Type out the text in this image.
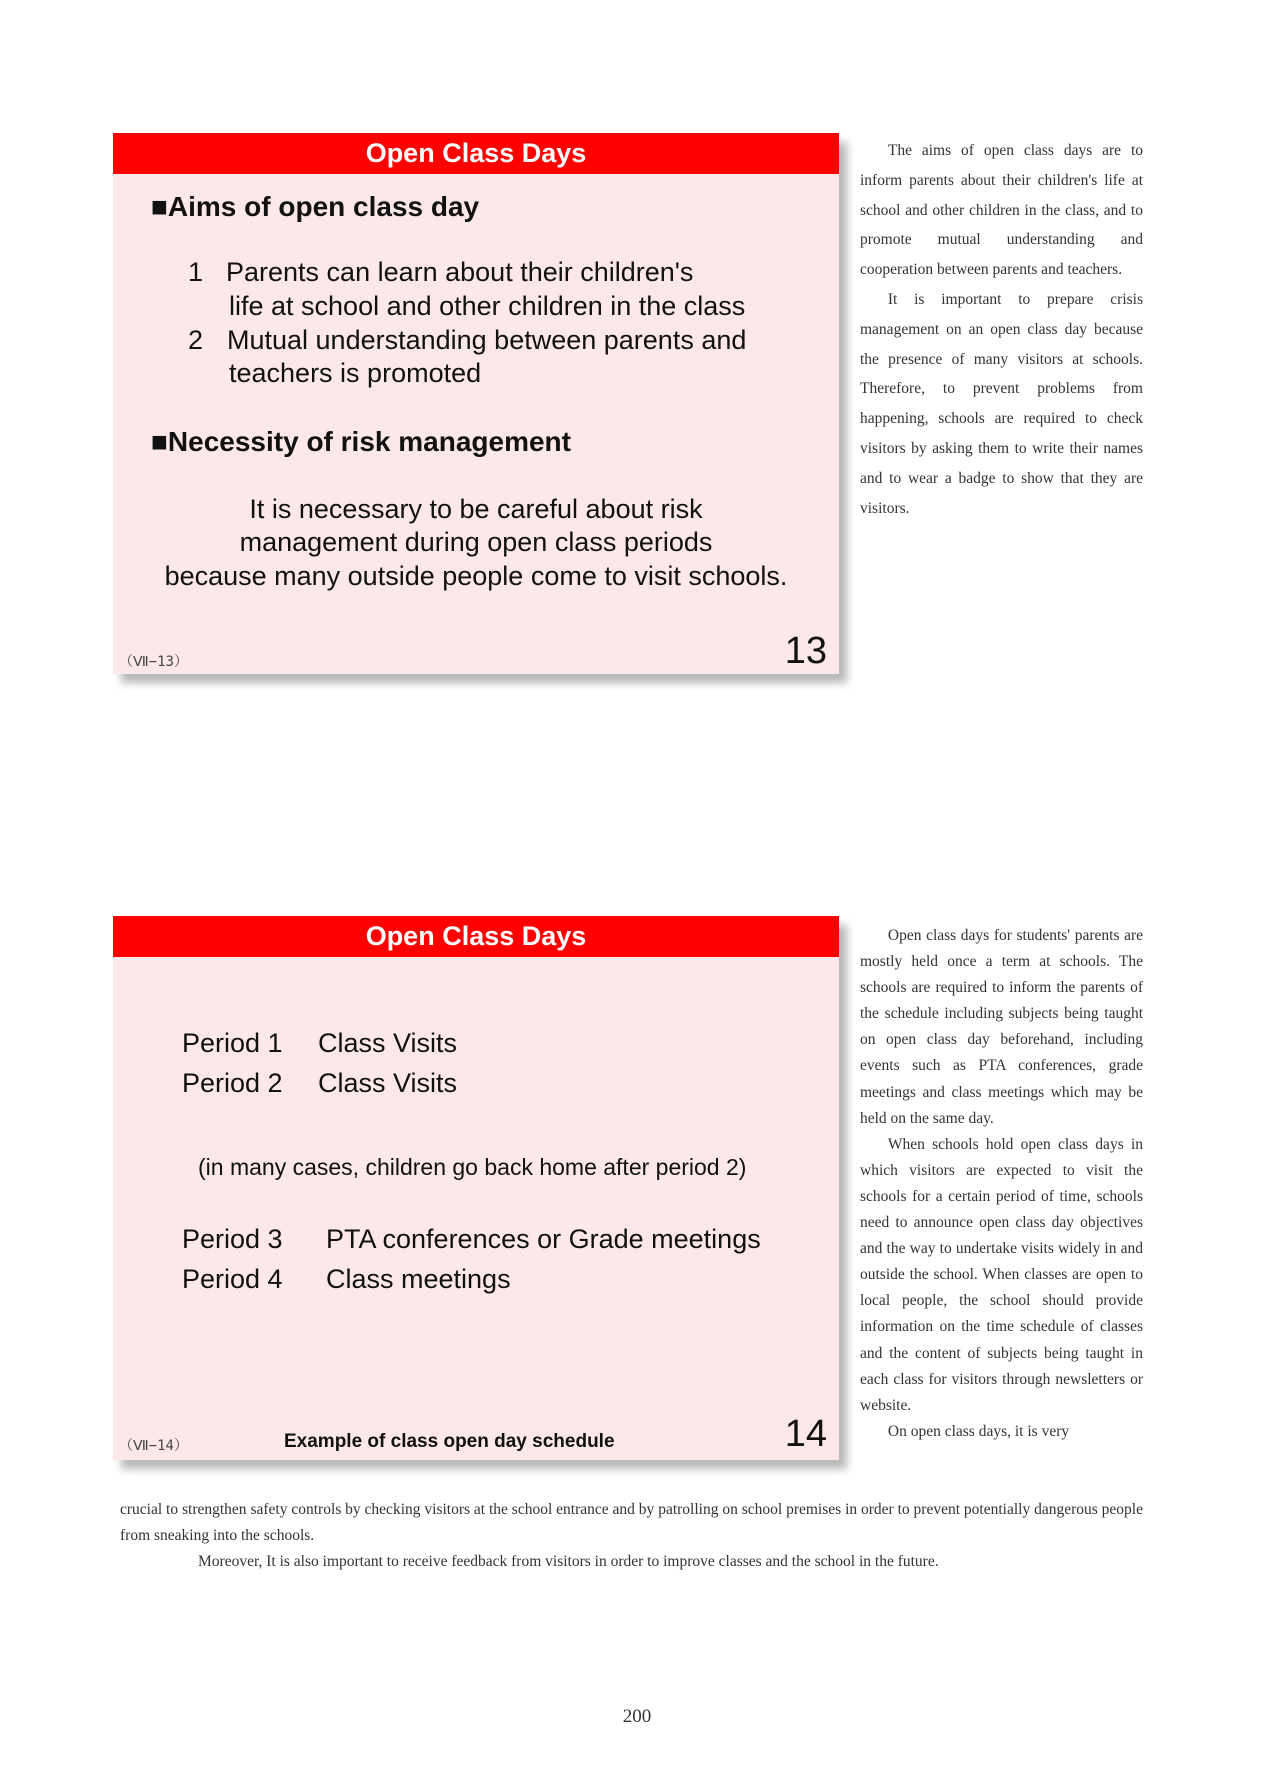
Open Class Days
■Aims of open class day
1 Parents can learn about their children's
life at school and other children in the class
2 Mutual understanding between parents and
teachers is promoted
■Necessity of risk management
It is necessary to be careful about risk
management during open class periods
because many outside people come to visit schools.
（Ⅶ−13）	13

The aims of open class days are to inform parents about their children's life at school and other children in the class, and to promote mutual understanding and cooperation between parents and teachers.

It is important to prepare crisis management on an open class day because the presence of many visitors at schools. Therefore, to prevent problems from happening, schools are required to check visitors by asking them to write their names and to wear a badge to show that they are visitors.

Open Class Days
Period 1 Class Visits
Period 2 Class Visits
(in many cases, children go back home after period 2)
Period 3 PTA conferences or Grade meetings
Period 4 Class meetings
（Ⅶ−14）	Example of class open day schedule	14

Open class days for students' parents are mostly held once a term at schools. The schools are required to inform the parents of the schedule including subjects being taught on open class day beforehand, including events such as PTA conferences, grade meetings and class meetings which may be held on the same day.

When schools hold open class days in which visitors are expected to visit the schools for a certain period of time, schools need to announce open class day objectives and the way to undertake visits widely in and outside the school. When classes are open to local people, the school should provide information on the time schedule of classes and the content of subjects being taught in each class for visitors through newsletters or website.

On open class days, it is very

crucial to strengthen safety controls by checking visitors at the school entrance and by patrolling on school premises in order to prevent potentially dangerous people from sneaking into the schools.
Moreover, It is also important to receive feedback from visitors in order to improve classes and the school in the future.
200
